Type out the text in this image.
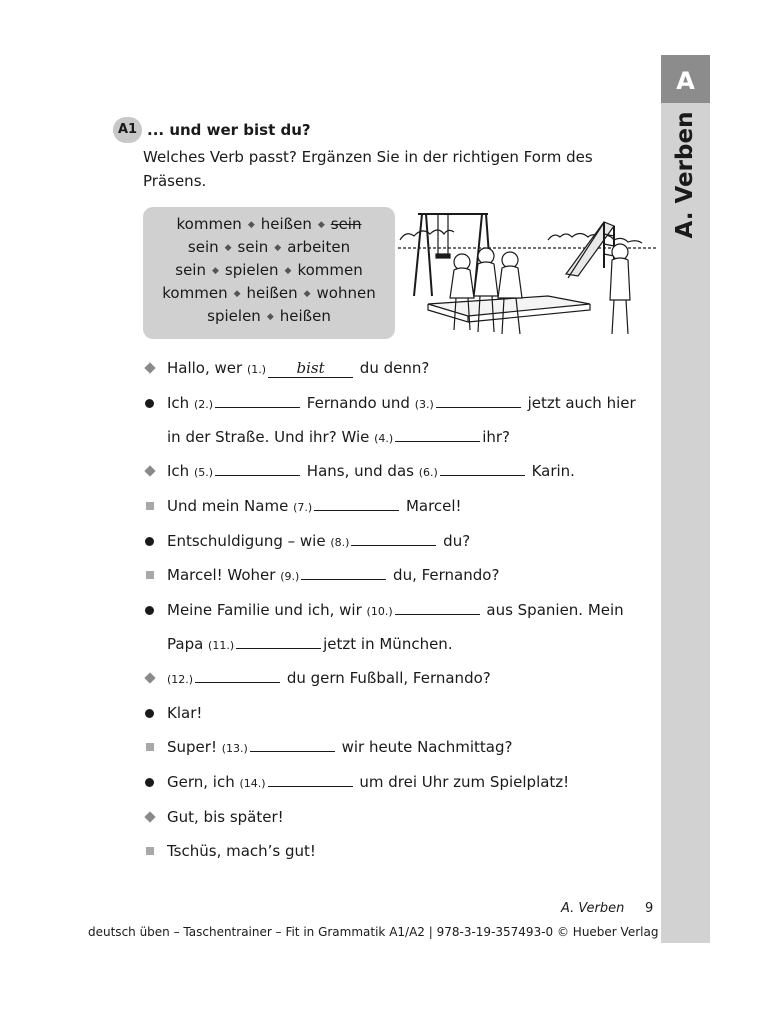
A
A. Verben
A1 ... und wer bist du?
Welches Verb passt? Ergänzen Sie in der richtigen Form des Präsens.
kommen ◆ heißen ◆ sein
sein ◆ sein ◆ arbeiten
sein ◆ spielen ◆ kommen
kommen ◆ heißen ◆ wohnen
spielen ◆ heißen
Hallo, wer (1.) bist du denn?
Ich (2.)	Fernando und (3.)	jetzt auch hier
in der Straße. Und ihr? Wie (4.)	ihr?
Ich (5.)	Hans, und das (6.)	Karin.
Und mein Name (7.)	Marcel!
Entschuldigung – wie (8.)	du?
Marcel! Woher (9.)	du, Fernando?
Meine Familie und ich, wir (10.)	aus Spanien. Mein
Papa (11.)	jetzt in München.
(12.)	du gern Fußball, Fernando?
Klar!
Super! (13.)	wir heute Nachmittag?
Gern, ich (14.)	um drei Uhr zum Spielplatz!
Gut, bis später!
Tschüs, mach’s gut!
A. Verben 9
deutsch üben – Taschentrainer – Fit in Grammatik A1/A2 | 978-3-19-357493-0 © Hueber Verlag
